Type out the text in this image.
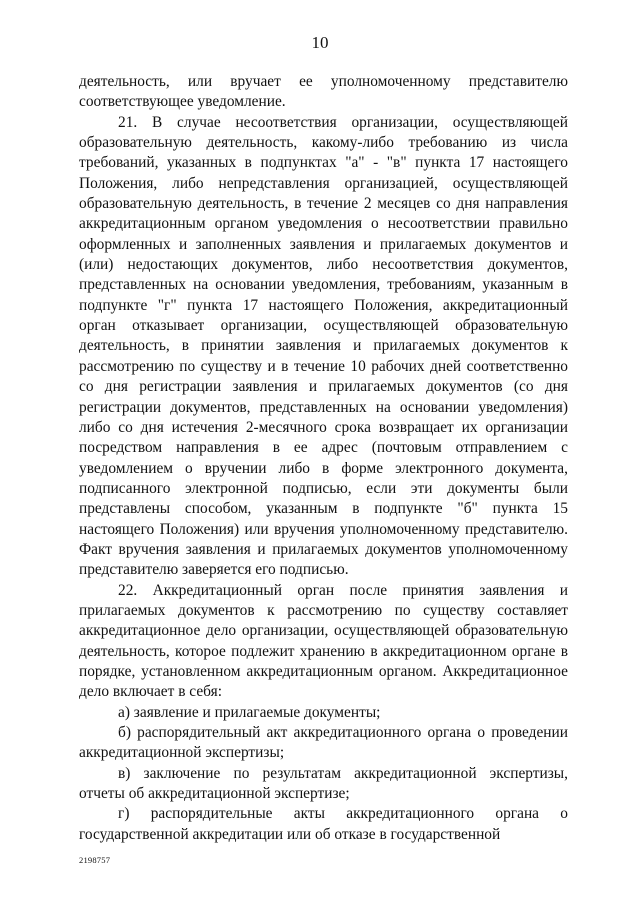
10

деятельность, или вручает ее уполномоченному представителю соответствующее уведомление.

21. В случае несоответствия организации, осуществляющей образовательную деятельность, какому-либо требованию из числа требований, указанных в подпунктах "а" - "в" пункта 17 настоящего Положения, либо непредставления организацией, осуществляющей образовательную деятельность, в течение 2 месяцев со дня направления аккредитационным органом уведомления о несоответствии правильно оформленных и заполненных заявления и прилагаемых документов и (или) недостающих документов, либо несоответствия документов, представленных на основании уведомления, требованиям, указанным в подпункте "г" пункта 17 настоящего Положения, аккредитационный орган отказывает организации, осуществляющей образовательную деятельность, в принятии заявления и прилагаемых документов к рассмотрению по существу и в течение 10 рабочих дней соответственно со дня регистрации заявления и прилагаемых документов (со дня регистрации документов, представленных на основании уведомления) либо со дня истечения 2-месячного срока возвращает их организации посредством направления в ее адрес (почтовым отправлением с уведомлением о вручении либо в форме электронного документа, подписанного электронной подписью, если эти документы были представлены способом, указанным в подпункте "б" пункта 15 настоящего Положения) или вручения уполномоченному представителю. Факт вручения заявления и прилагаемых документов уполномоченному представителю заверяется его подписью.

22. Аккредитационный орган после принятия заявления и прилагаемых документов к рассмотрению по существу составляет аккредитационное дело организации, осуществляющей образовательную деятельность, которое подлежит хранению в аккредитационном органе в порядке, установленном аккредитационным органом. Аккредитационное дело включает в себя:

а) заявление и прилагаемые документы;

б) распорядительный акт аккредитационного органа о проведении аккредитационной экспертизы;

в) заключение по результатам аккредитационной экспертизы, отчеты об аккредитационной экспертизе;

г) распорядительные акты аккредитационного органа о государственной аккредитации или об отказе в государственной

2198757
